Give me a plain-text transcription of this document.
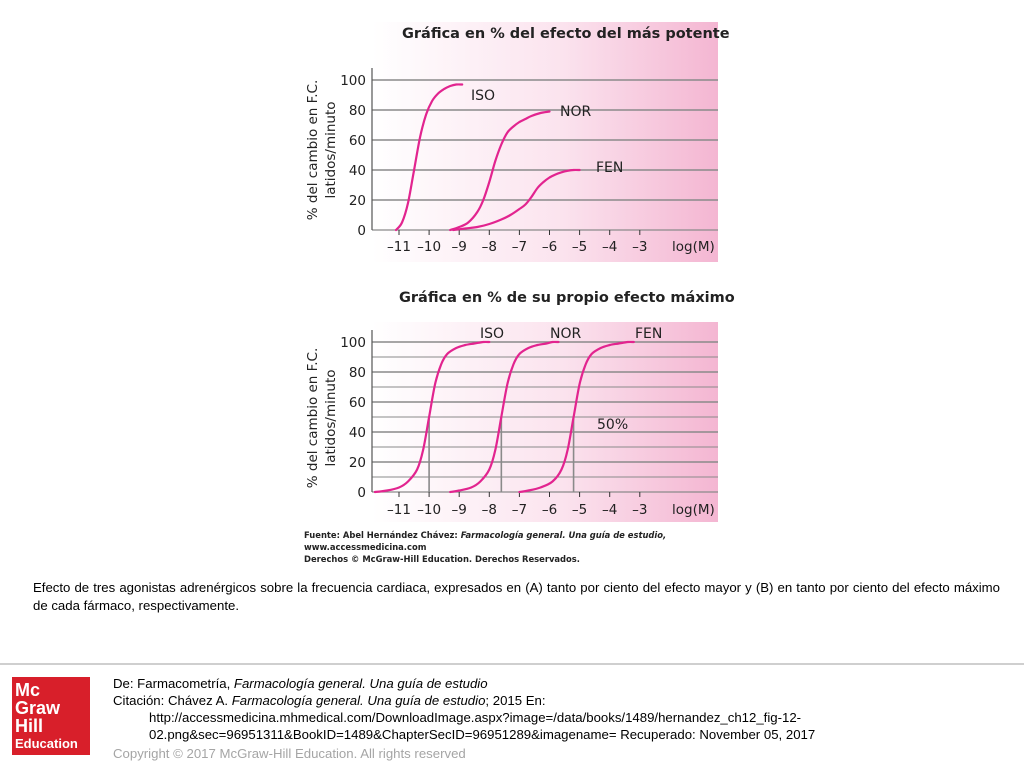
Gráfica en % del efecto del más potente
% del cambio en F.C. latidos/minuto
0
20
40
60
80
100
–11 –10 –9 –8 –7 –6 –5 –4 –3 log(M)
ISO
NOR
FEN
Gráfica en % de su propio efecto máximo
% del cambio en F.C. latidos/minuto
0
20
40
60
80
100
–11 –10 –9 –8 –7 –6 –5 –4 –3 log(M)
ISO	NOR	FEN
50%
Fuente: Abel Hernández Chávez: Farmacología general. Una guía de estudio,
www.accessmedicina.com
Derechos © McGraw-Hill Education. Derechos Reservados.
Efecto de tres agonistas adrenérgicos sobre la frecuencia cardiaca, expresados en (A) tanto por ciento del efecto mayor y (B) en tanto por ciento del efecto máximo de cada fármaco, respectivamente.
Mc
Graw
Hill
Education
De: Farmacometría, Farmacología general. Una guía de estudio
Citación: Chávez A. Farmacología general. Una guía de estudio; 2015 En:
http://accessmedicina.mhmedical.com/DownloadImage.aspx?image=/data/books/1489/hernandez_ch12_fig-12-
02.png&sec=96951311&BookID=1489&ChapterSecID=96951289&imagename= Recuperado: November 05, 2017
Copyright © 2017 McGraw-Hill Education. All rights reserved
